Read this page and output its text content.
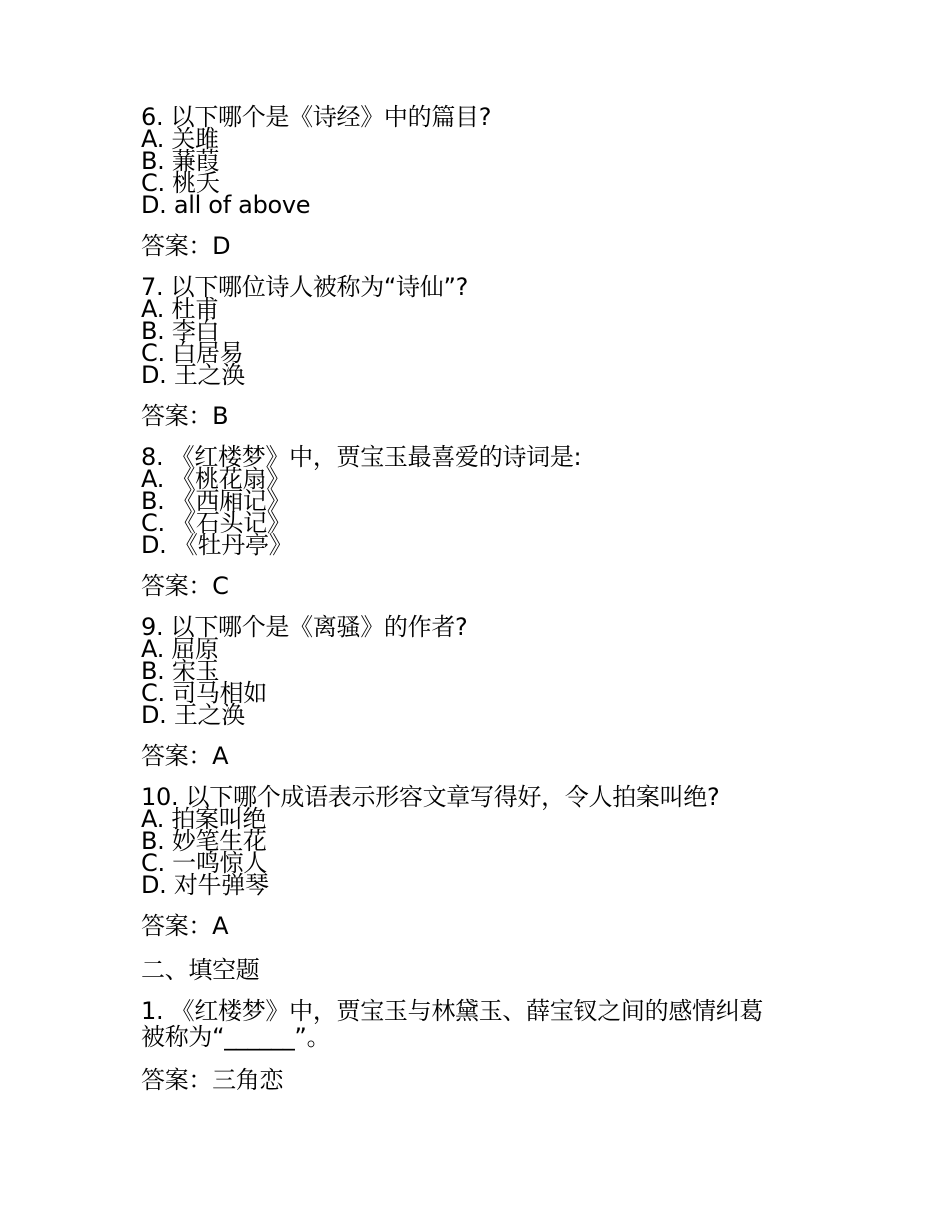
6. 以下哪个是《诗经》中的篇目?
A. 关雎
B. 蒹葭
C. 桃夭
D. all of above
答案：D
7. 以下哪位诗人被称为“诗仙”?
A. 杜甫
B. 李白
C. 白居易
D. 王之涣
答案：B
8. 《红楼梦》中，贾宝玉最喜爱的诗词是:
A. 《桃花扇》
B. 《西厢记》
C. 《石头记》
D. 《牡丹亭》
答案：C
9. 以下哪个是《离骚》的作者?
A. 屈原
B. 宋玉
C. 司马相如
D. 王之涣
答案：A
10. 以下哪个成语表示形容文章写得好，令人拍案叫绝?
A. 拍案叫绝
B. 妙笔生花
C. 一鸣惊人
D. 对牛弹琴
答案：A
二、填空题
1. 《红楼梦》中，贾宝玉与林黛玉、薛宝钗之间的感情纠葛
被称为“______”。
答案：三角恋
